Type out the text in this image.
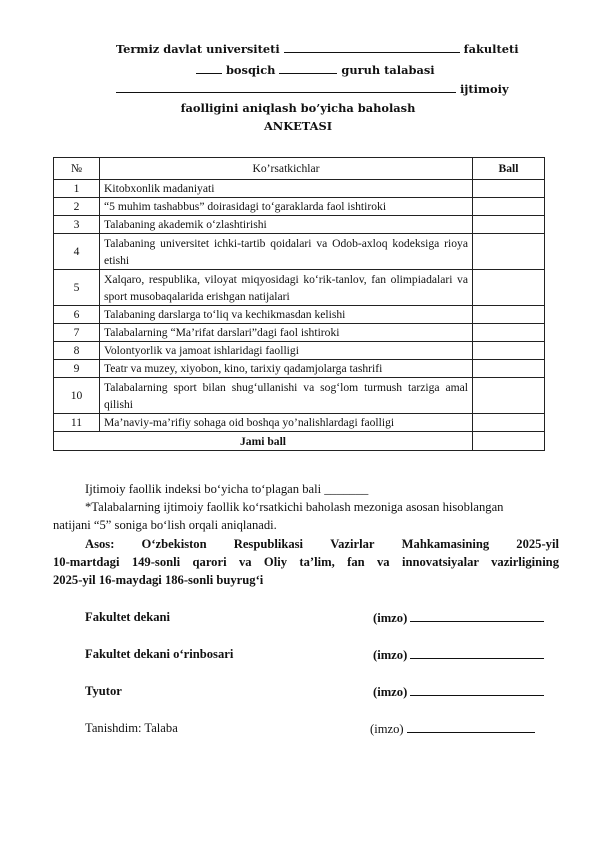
Termiz davlat universiteti	fakulteti
bosqich	guruh talabasi
ijtimoiy
faolligini aniqlash bo’yicha baholash
ANKETASI
№	Ko’rsatkichlar	Ball
1	Kitobxonlik madaniyati	
2	“5 muhim tashabbus” doirasidagi to‘garaklarda faol ishtiroki	
3	Talabaning akademik o‘zlashtirishi	
4	Talabaning universitet ichki-tartib qoidalari va Odob-axloq kodeksiga rioya etishi	
5	Xalqaro, respublika, viloyat miqyosidagi ko‘rik-tanlov, fan olimpiadalari va sport musobaqalarida erishgan natijalari	
6	Talabaning darslarga to‘liq va kechikmasdan kelishi	
7	Talabalarning “Ma’rifat darslari”dagi faol ishtiroki	
8	Volontyorlik va jamoat ishlaridagi faolligi	
9	Teatr va muzey, xiyobon, kino, tarixiy qadamjolarga tashrifi	
10	Talabalarning sport bilan shug‘ullanishi va sog‘lom turmush tarziga amal qilishi	
11	Ma’naviy-ma’rifiy sohaga oid boshqa yo’nalishlardagi faolligi	
Jami ball		
Ijtimoiy faollik indeksi bo‘yicha to‘plagan bali _______
*Talabalarning ijtimoiy faollik ko‘rsatkichi baholash mezoniga asosan hisoblangan
natijani “5” soniga bo‘lish orqali aniqlanadi.
Asos: O‘zbekiston Respublikasi Vazirlar Mahkamasining 2025-yil
10-martdagi 149-sonli qarori va Oliy ta’lim, fan va innovatsiyalar vazirligining
2025-yil 16-maydagi 186-sonli buyrug‘i
Fakultet dekani	(imzo)
Fakultet dekani o‘rinbosari	(imzo)
Tyutor	(imzo)
Tanishdim: Talaba	(imzo)
